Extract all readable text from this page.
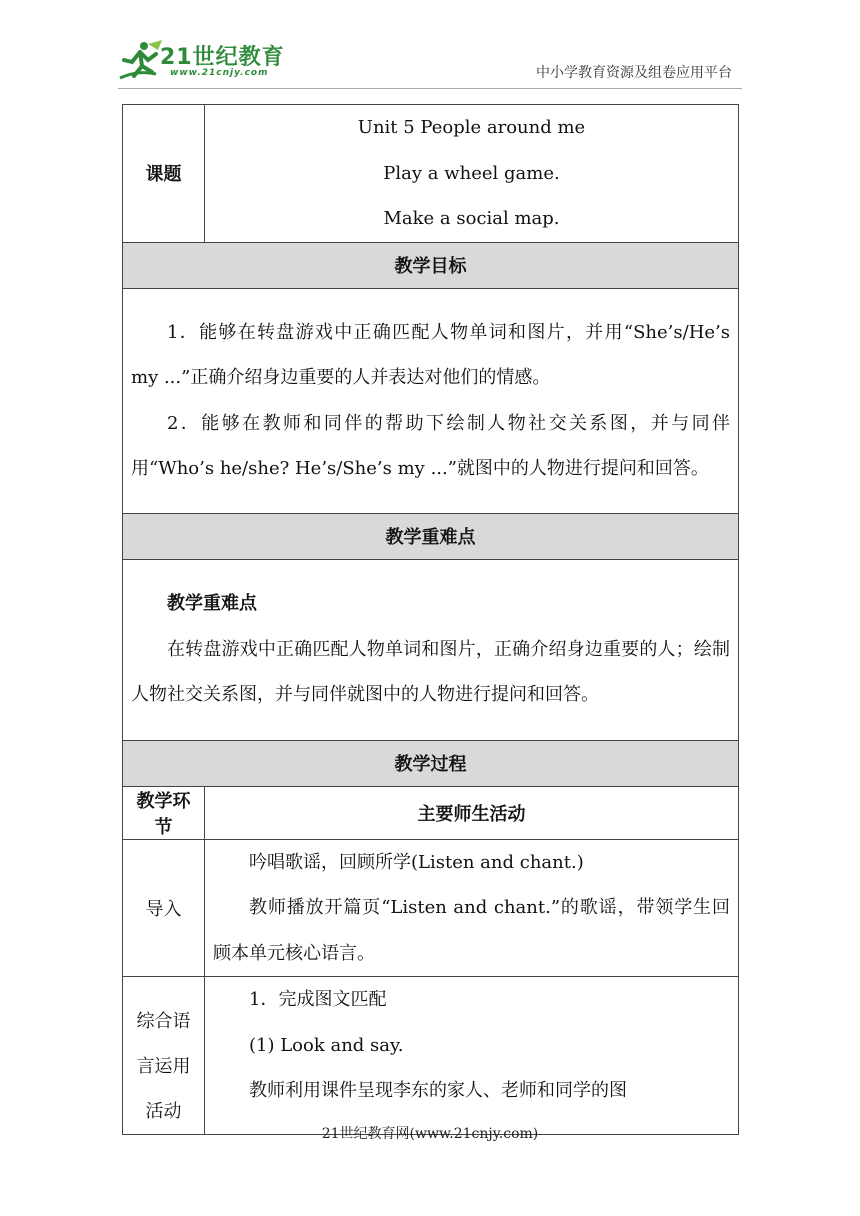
21世纪教育
www.21cnjy.com	中小学教育资源及组卷应用平台
课题	Unit 5 People around me
Play a wheel game.
Make a social map.

教学目标	

1．能够在转盘游戏中正确匹配人物单词和图片，并用“She’s/He’s my ...”正确介绍身边重要的人并表达对他们的情感。
2．能够在教师和同伴的帮助下绘制人物社交关系图，并与同伴用“Who’s he/she? He’s/She’s my ...”就图中的人物进行提问和回答。	

教学重难点	

教学重难点
在转盘游戏中正确匹配人物单词和图片，正确介绍身边重要的人；绘制人物社交关系图，并与同伴就图中的人物进行提问和回答。	

教学过程	
教学环节	主要师生活动
导入	吟唱歌谣，回顾所学(Listen and chant.)
教师播放开篇页“Listen and chant.”的歌谣，带领学生回顾本单元核心语言。

综合语言运用活动	1．完成图文匹配
(1) Look and say.
教师利用课件呈现李东的家人、老师和同学的图
21世纪教育网(www.21cnjy.com)
